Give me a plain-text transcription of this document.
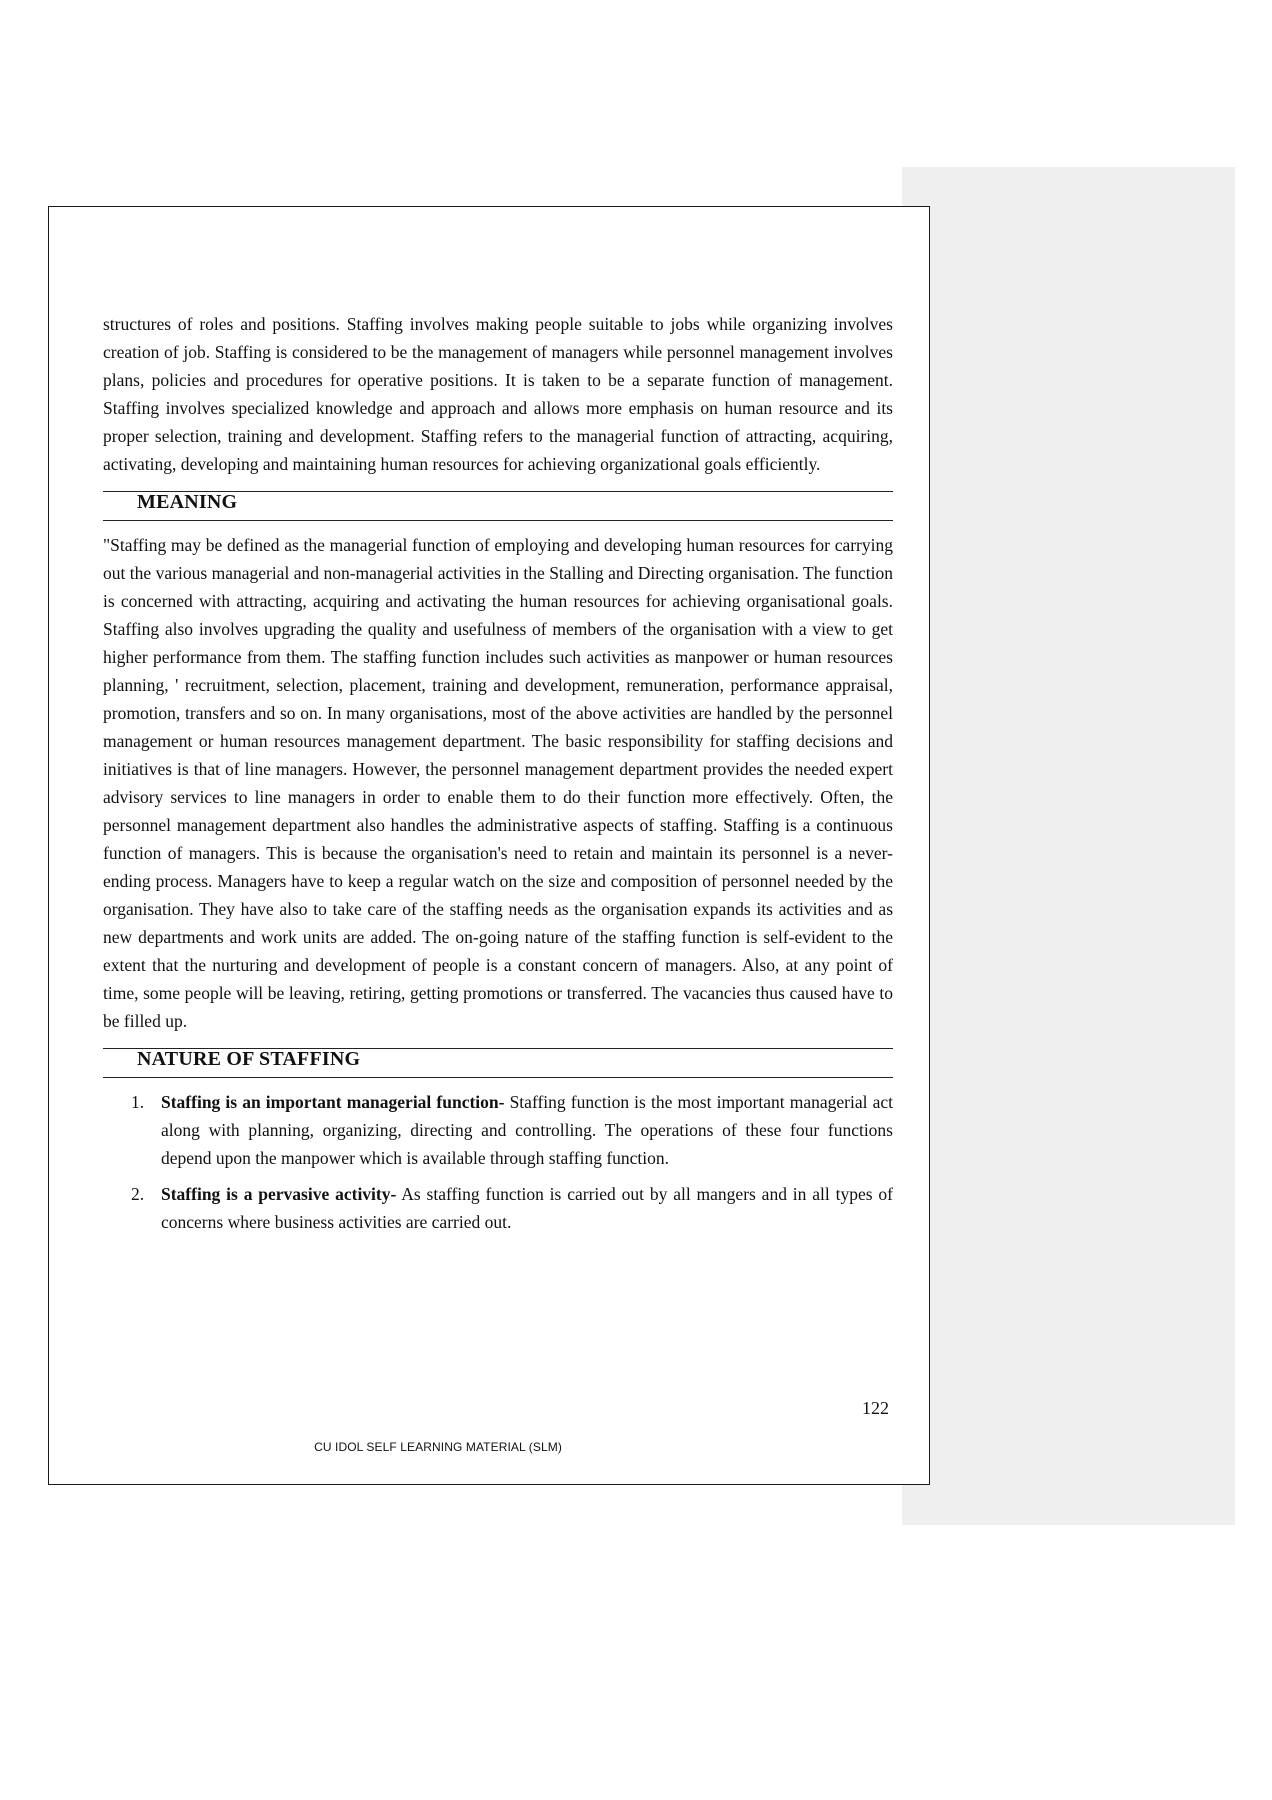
structures of roles and positions. Staffing involves making people suitable to jobs while organizing involves creation of job. Staffing is considered to be the management of managers while personnel management involves plans, policies and procedures for operative positions. It is taken to be a separate function of management. Staffing involves specialized knowledge and approach and allows more emphasis on human resource and its proper selection, training and development. Staffing refers to the managerial function of attracting, acquiring, activating, developing and maintaining human resources for achieving organizational goals efficiently.

MEANING

"Staffing may be defined as the managerial function of employing and developing human resources for carrying out the various managerial and non-managerial activities in the Stalling and Directing organisation. The function is concerned with attracting, acquiring and activating the human resources for achieving organisational goals. Staffing also involves upgrading the quality and usefulness of members of the organisation with a view to get higher performance from them. The staffing function includes such activities as manpower or human resources planning, ' recruitment, selection, placement, training and development, remuneration, performance appraisal, promotion, transfers and so on. In many organisations, most of the above activities are handled by the personnel management or human resources management department. The basic responsibility for staffing decisions and initiatives is that of line managers. However, the personnel management department provides the needed expert advisory services to line managers in order to enable them to do their function more effectively. Often, the personnel management department also handles the administrative aspects of staffing. Staffing is a continuous function of managers. This is because the organisation's need to retain and maintain its personnel is a never-ending process. Managers have to keep a regular watch on the size and composition of personnel needed by the organisation. They have also to take care of the staffing needs as the organisation expands its activities and as new departments and work units are added. The on-going nature of the staffing function is self-evident to the extent that the nurturing and development of people is a constant concern of managers. Also, at any point of time, some people will be leaving, retiring, getting promotions or transferred. The vacancies thus caused have to be filled up.

NATURE OF STAFFING
1. Staffing is an important managerial function- Staffing function is the most important managerial act along with planning, organizing, directing and controlling. The operations of these four functions depend upon the manpower which is available through staffing function.
2. Staffing is a pervasive activity- As staffing function is carried out by all mangers and in all types of concerns where business activities are carried out.
122
CU IDOL SELF LEARNING MATERIAL (SLM)
